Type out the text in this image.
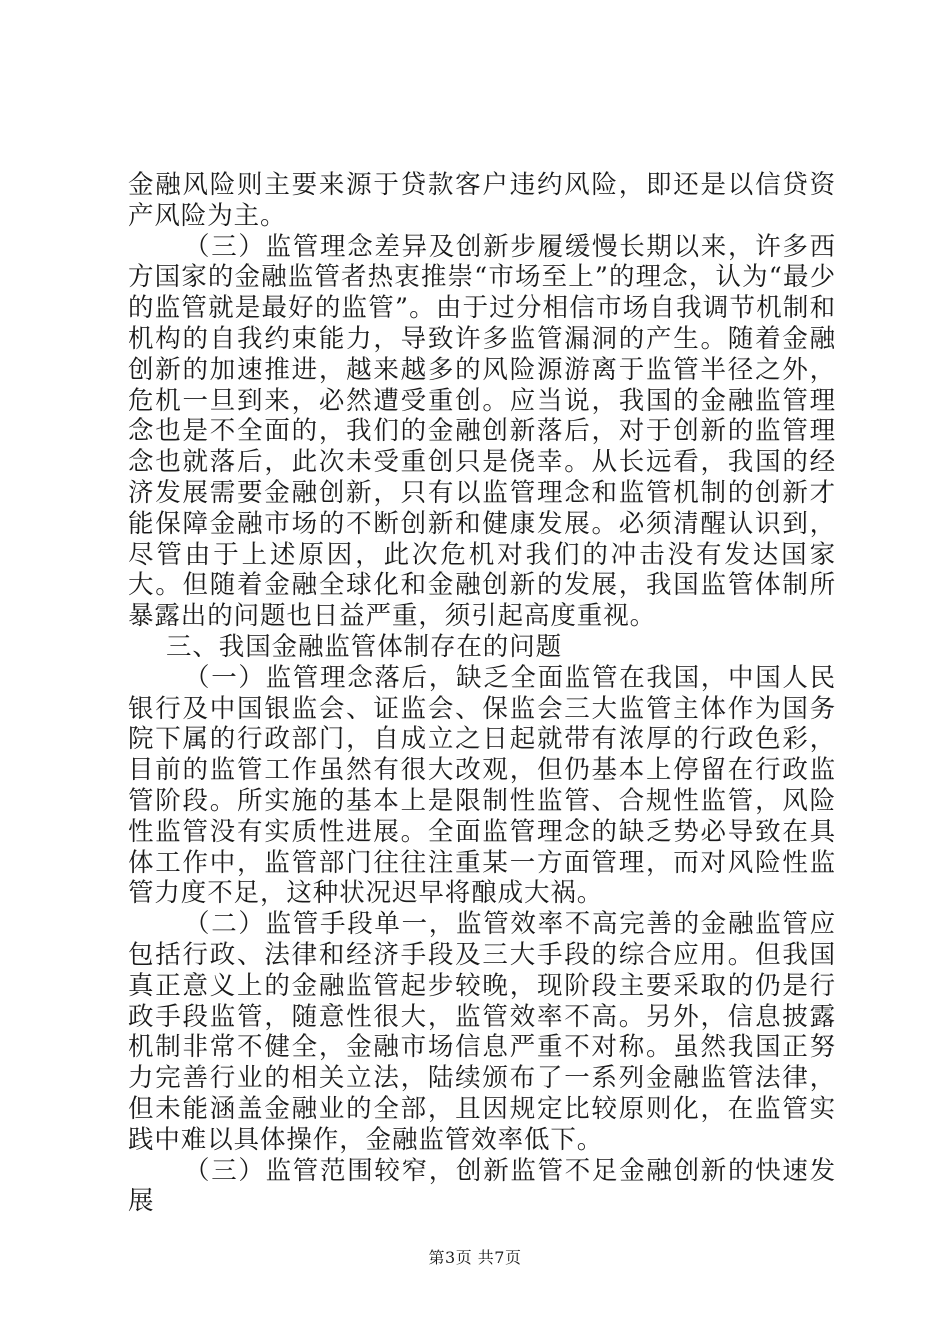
金融风险则主要来源于贷款客户违约风险，即还是以信贷资产风险为主。

（三）监管理念差异及创新步履缓慢长期以来，许多西方国家的金融监管者热衷推崇“市场至上”的理念，认为“最少的监管就是最好的监管”。由于过分相信市场自我调节机制和机构的自我约束能力，导致许多监管漏洞的产生。随着金融创新的加速推进，越来越多的风险源游离于监管半径之外，危机一旦到来，必然遭受重创。应当说，我国的金融监管理念也是不全面的，我们的金融创新落后，对于创新的监管理念也就落后，此次未受重创只是侥幸。从长远看，我国的经济发展需要金融创新，只有以监管理念和监管机制的创新才能保障金融市场的不断创新和健康发展。必须清醒认识到，尽管由于上述原因，此次危机对我们的冲击没有发达国家大。但随着金融全球化和金融创新的发展，我国监管体制所暴露出的问题也日益严重，须引起高度重视。

三、我国金融监管体制存在的问题

（一）监管理念落后，缺乏全面监管在我国，中国人民银行及中国银监会、证监会、保监会三大监管主体作为国务院下属的行政部门，自成立之日起就带有浓厚的行政色彩，目前的监管工作虽然有很大改观，但仍基本上停留在行政监管阶段。所实施的基本上是限制性监管、合规性监管，风险性监管没有实质性进展。全面监管理念的缺乏势必导致在具体工作中，监管部门往往注重某一方面管理，而对风险性监管力度不足，这种状况迟早将酿成大祸。

（二）监管手段单一，监管效率不高完善的金融监管应包括行政、法律和经济手段及三大手段的综合应用。但我国真正意义上的金融监管起步较晚，现阶段主要采取的仍是行政手段监管，随意性很大，监管效率不高。另外，信息披露机制非常不健全，金融市场信息严重不对称。虽然我国正努力完善行业的相关立法，陆续颁布了一系列金融监管法律，但未能涵盖金融业的全部，且因规定比较原则化，在监管实践中难以具体操作，金融监管效率低下。

（三）监管范围较窄，创新监管不足金融创新的快速发展

第3页 共7页
